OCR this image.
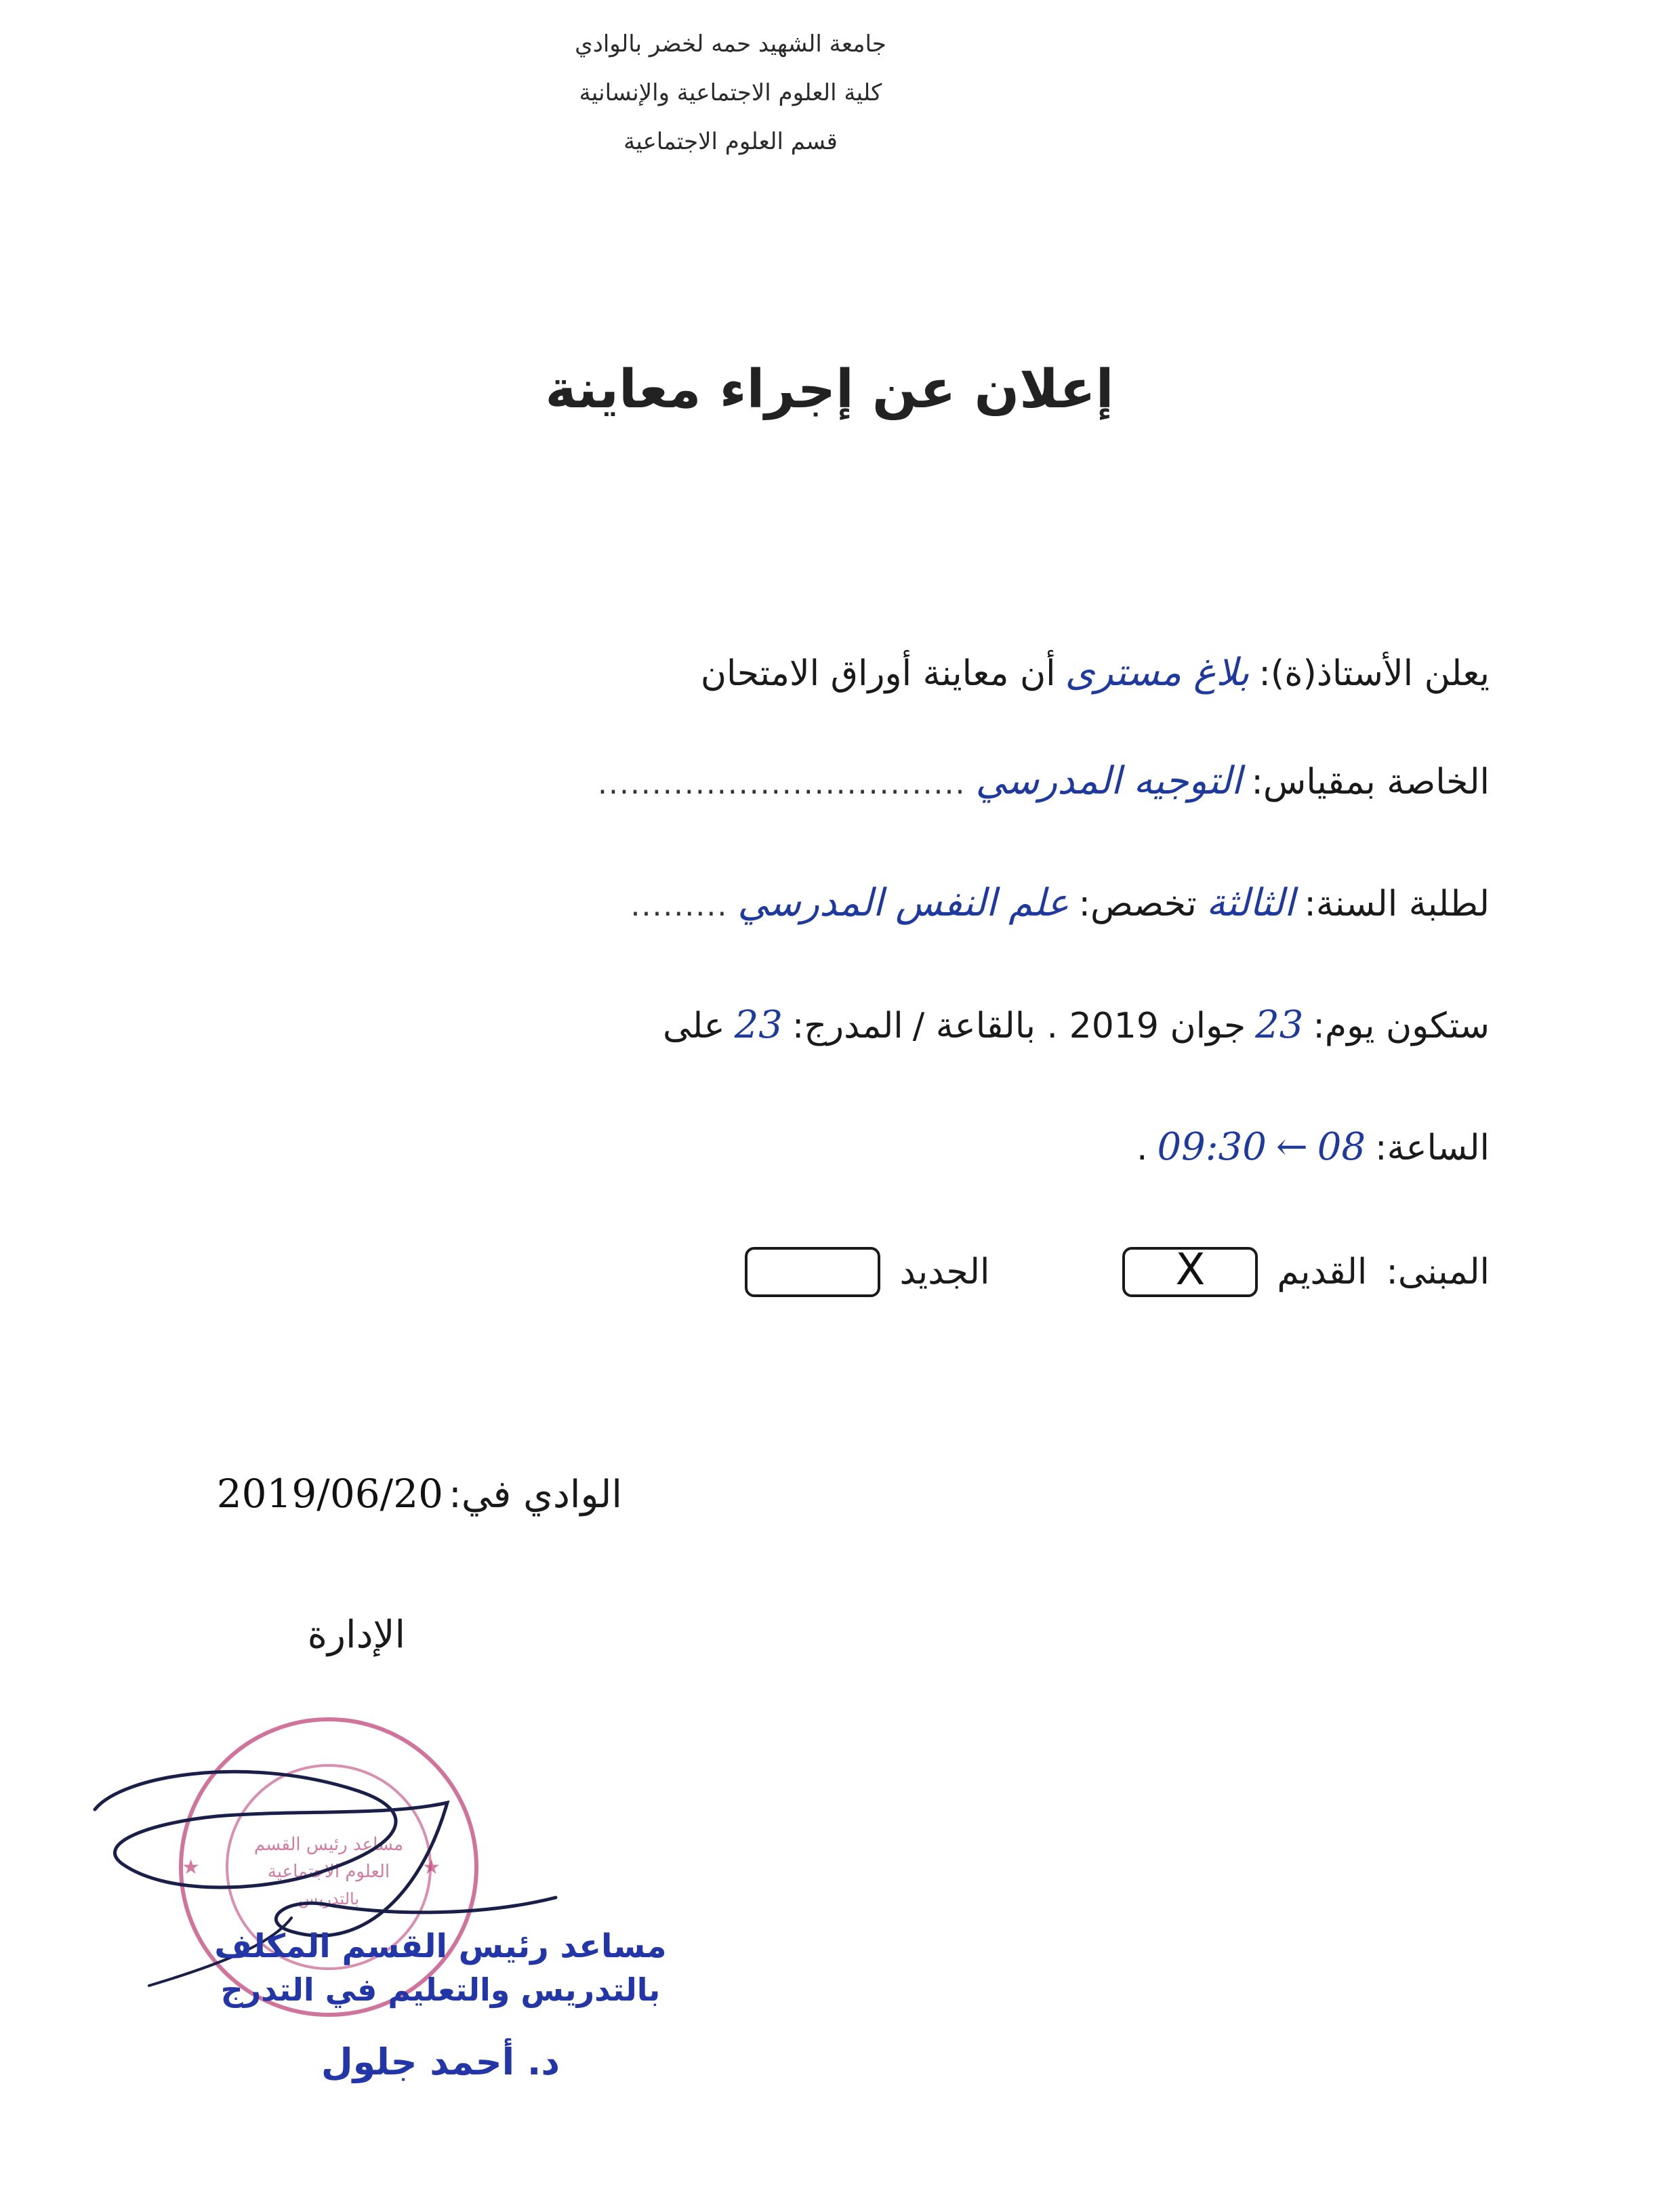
جامعة الشهيد حمه لخضر بالوادي
كلية العلوم الاجتماعية والإنسانية
قسم العلوم الاجتماعية
إعلان عن إجراء معاينة
يعلن الأستاذ(ة):
بلاغ مسترى
أن معاينة أوراق الامتحان
الخاصة بمقياس:
التوجيه المدرسي
..................................
لطلبة السنة:
الثالثة
تخصص:
علم النفس المدرسي
.........
ستكون يوم:
23
جوان 2019 . بالقاعة /
المدرج:
23
على
الساعة:
08
←
09:30
.
المبنى:
القديم
X
الجديد
الوادي في:
2019/06/20
الإدارة
مساعد رئيس القسم
العلوم الاجتماعية
بالتدريس
★	★
مساعد رئيس القسم المكلف
بالتدريس والتعليم في التدرج
د. أحمد جلول
